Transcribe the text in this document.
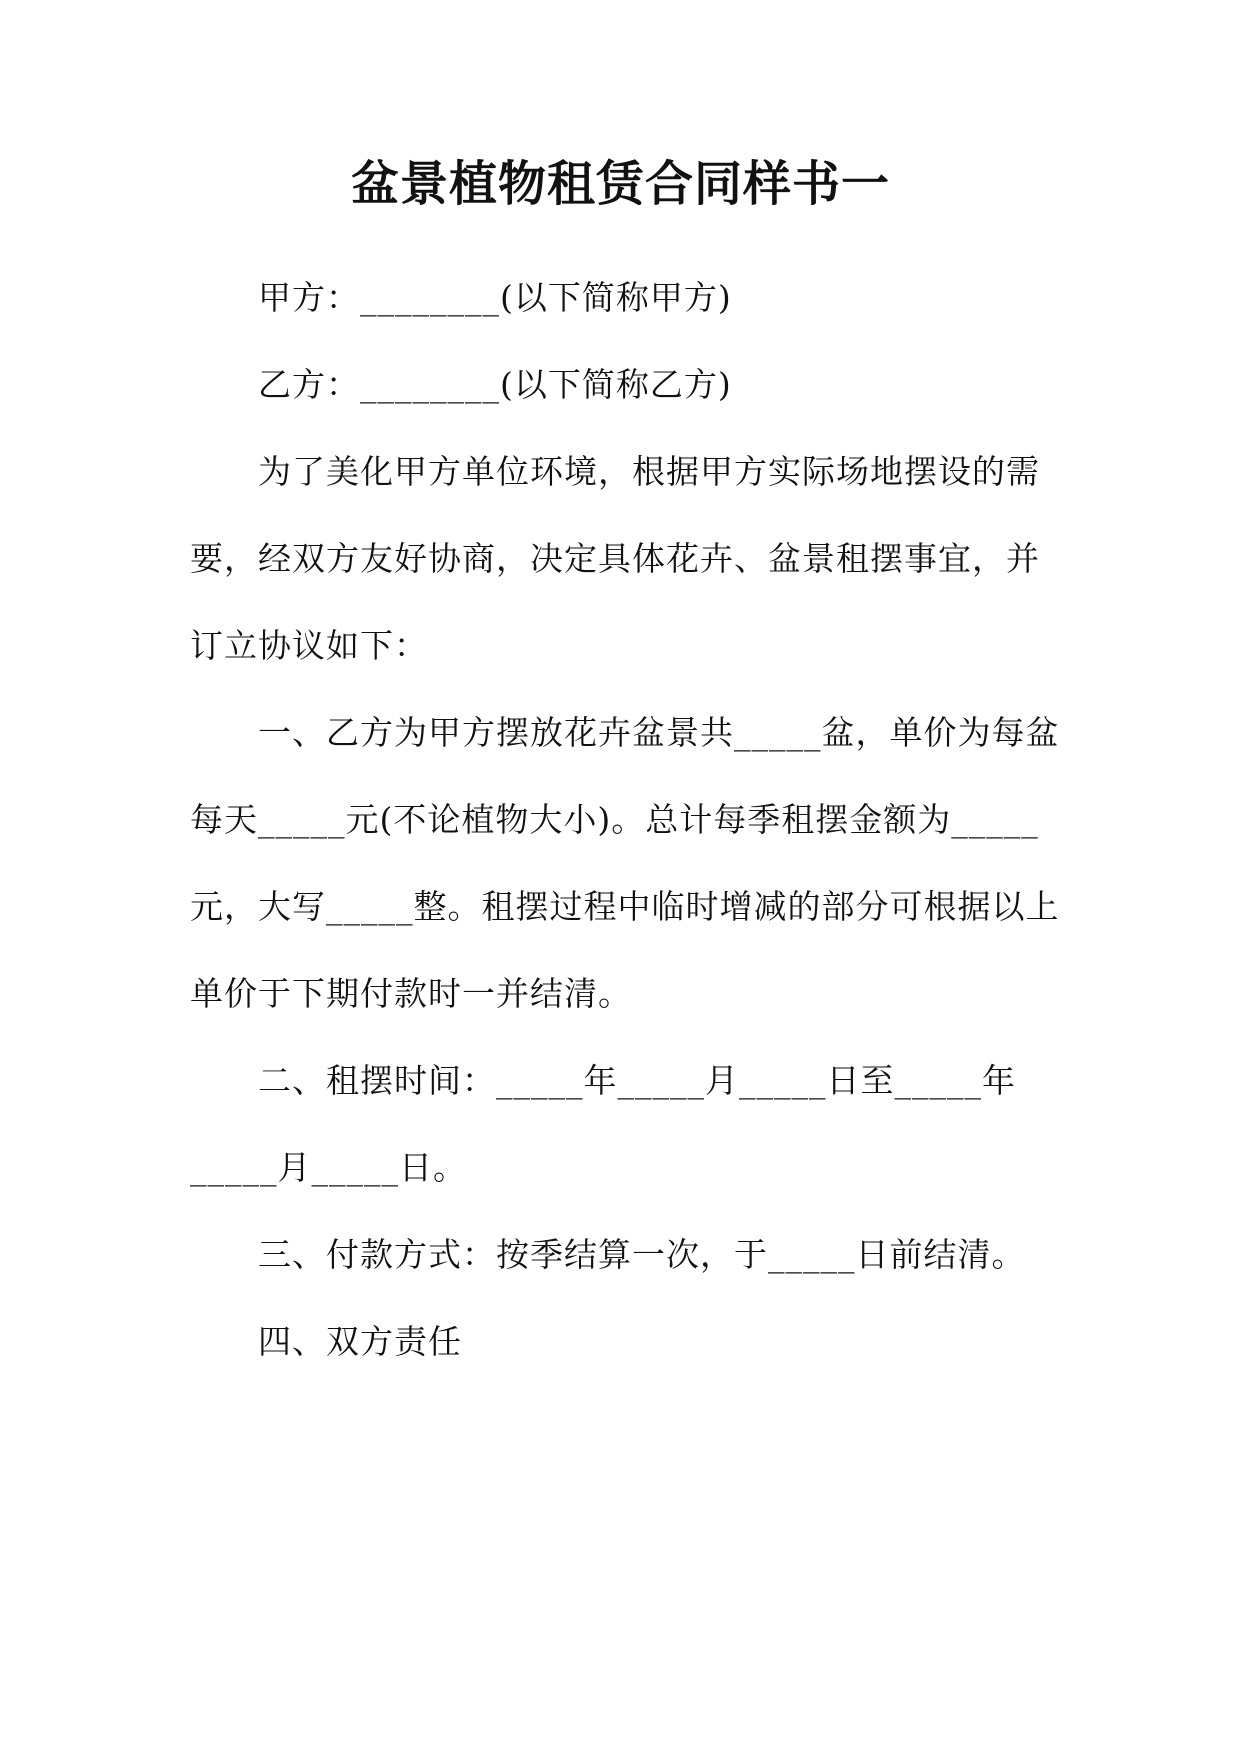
盆景植物租赁合同样书一
甲方：________(以下简称甲方)
乙方：________(以下简称乙方)
为了美化甲方单位环境，根据甲方实际场地摆设的需
要，经双方友好协商，决定具体花卉、盆景租摆事宜，并
订立协议如下：
一、乙方为甲方摆放花卉盆景共_____盆，单价为每盆
每天_____元(不论植物大小)。总计每季租摆金额为_____
元，大写_____整。租摆过程中临时增减的部分可根据以上
单价于下期付款时一并结清。
二、租摆时间：_____年_____月_____日至_____年
_____月_____日。
三、付款方式：按季结算一次，于_____日前结清。
四、双方责任
